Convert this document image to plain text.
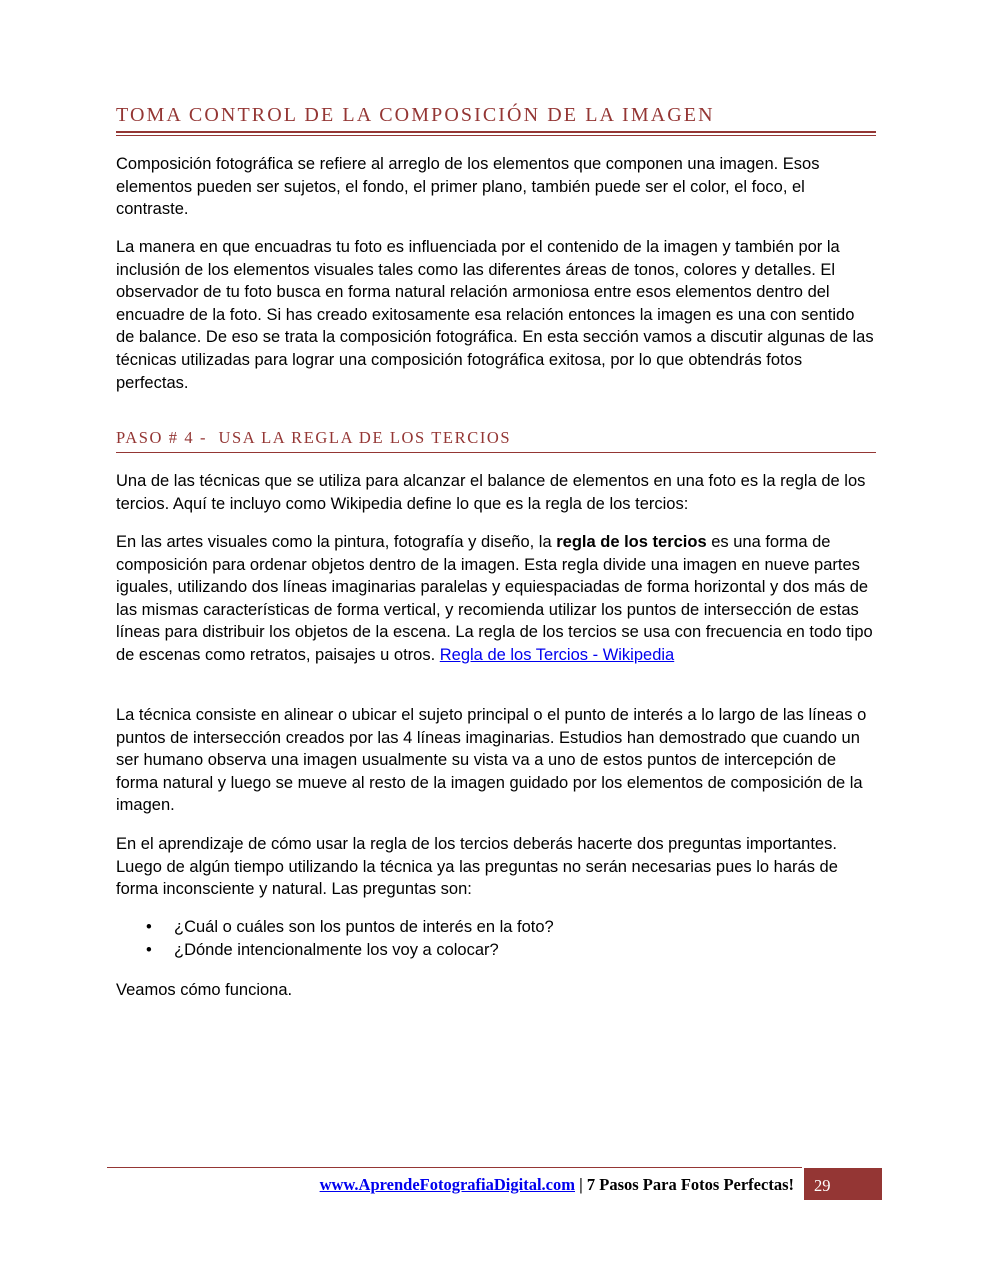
TOMA CONTROL DE LA COMPOSICIÓN DE LA IMAGEN

Composición fotográfica se refiere al arreglo de los elementos que componen una imagen. Esos elementos pueden ser sujetos, el fondo, el primer plano, también puede ser el color, el foco, el contraste.

La manera en que encuadras tu foto es influenciada por el contenido de la imagen y también por la inclusión de los elementos visuales tales como las diferentes áreas de tonos, colores y detalles. El observador de tu foto busca en forma natural relación armoniosa entre esos elementos dentro del encuadre de la foto. Si has creado exitosamente esa relación entonces la imagen es una con sentido de balance. De eso se trata la composición fotográfica. En esta sección vamos a discutir algunas de las técnicas utilizadas para lograr una composición fotográfica exitosa, por lo que obtendrás fotos perfectas.

PASO # 4 -  USA LA REGLA DE LOS TERCIOS

Una de las técnicas que se utiliza para alcanzar el balance de elementos en una foto es la regla de los tercios. Aquí te incluyo como Wikipedia define lo que es la regla de los tercios:

En las artes visuales como la pintura, fotografía y diseño, la regla de los tercios es una forma de composición para ordenar objetos dentro de la imagen. Esta regla divide una imagen en nueve partes iguales, utilizando dos líneas imaginarias paralelas y equiespaciadas de forma horizontal y dos más de las mismas características de forma vertical, y recomienda utilizar los puntos de intersección de estas líneas para distribuir los objetos de la escena. La regla de los tercios se usa con frecuencia en todo tipo de escenas como retratos, paisajes u otros. Regla de los Tercios - Wikipedia

La técnica consiste en alinear o ubicar el sujeto principal o el punto de interés a lo largo de las líneas o puntos de intersección creados por las 4 líneas imaginarias. Estudios han demostrado que cuando un ser humano observa una imagen usualmente su vista va a uno de estos puntos de intercepción de forma natural y luego se mueve al resto de la imagen guidado por los elementos de composición de la imagen.

En el aprendizaje de cómo usar la regla de los tercios deberás hacerte dos preguntas importantes. Luego de algún tiempo utilizando la técnica ya las preguntas no serán necesarias pues lo harás de forma inconsciente y natural. Las preguntas son:

• ¿Cuál o cuáles son los puntos de interés en la foto?
• ¿Dónde intencionalmente los voy a colocar?

Veamos cómo funciona.

www.AprendeFotografiaDigital.com | 7 Pasos Para Fotos Perfectas! 29
